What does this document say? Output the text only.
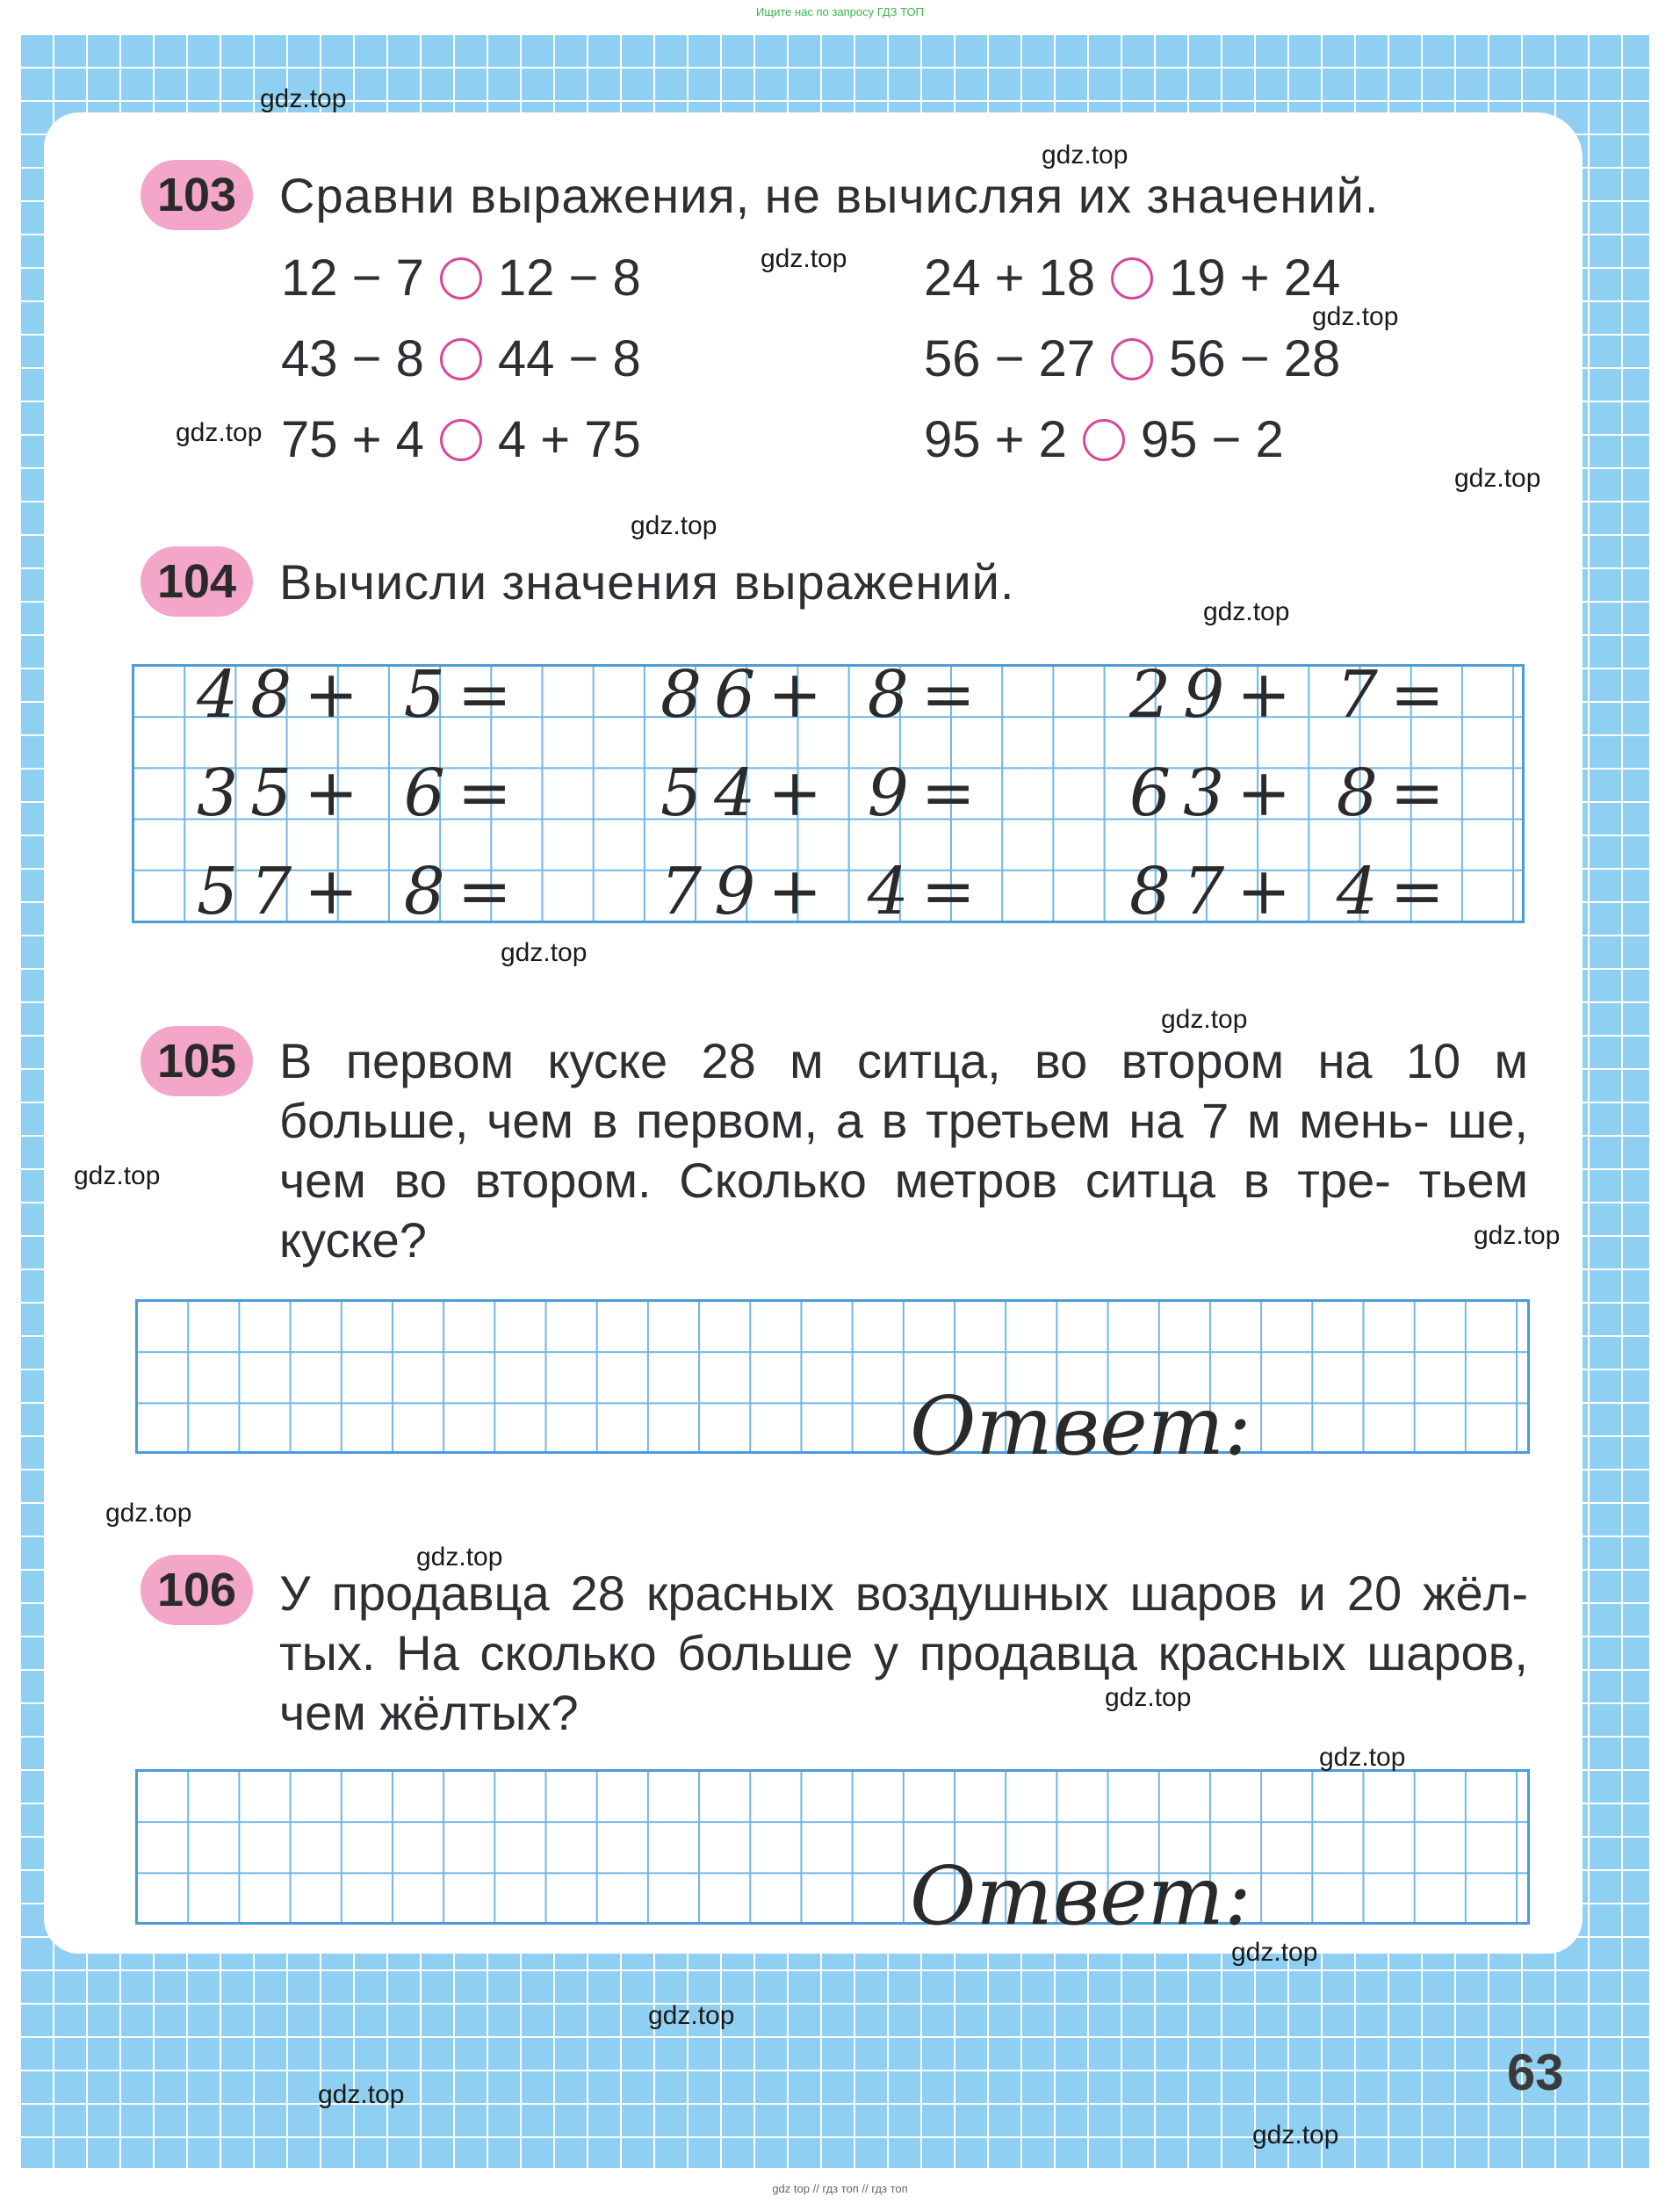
Ищите нас по запросу ГДЗ ТОП
103 Сравни выражения, не вычисляя их значений.
12 − 7 12 − 8
43 − 8 44 − 8
75 + 4 4 + 75
24 + 18 19 + 24
56 − 27 56 − 28
95 + 2 95 − 2
104 Вычисли значения выражений.
48+ 5= 86+ 8= 29+ 7=
35+ 6= 54+ 9= 63+ 8=
57+ 8= 79+ 4= 87+ 4=
105 В первом куске 28 м ситца, во втором на 10 м больше, чем в первом, а в третьем на 7 м мень- ше, чем во втором. Сколько метров ситца в тре- тьем куске?
Ответ:
106 У продавца 28 красных воздушных шаров и 20 жёл- тых. На сколько больше у продавца красных шаров, чем жёлтых?
Ответ:
63
gdz.top
gdz.top
gdz.top
gdz.top
gdz.top
gdz.top
gdz.top
gdz.top
gdz.top
gdz.top
gdz.top
gdz.top
gdz.top
gdz.top
gdz.top
gdz.top
gdz.top
gdz.top
gdz.top
gdz.top
gdz top // гдз топ // гдз топ
